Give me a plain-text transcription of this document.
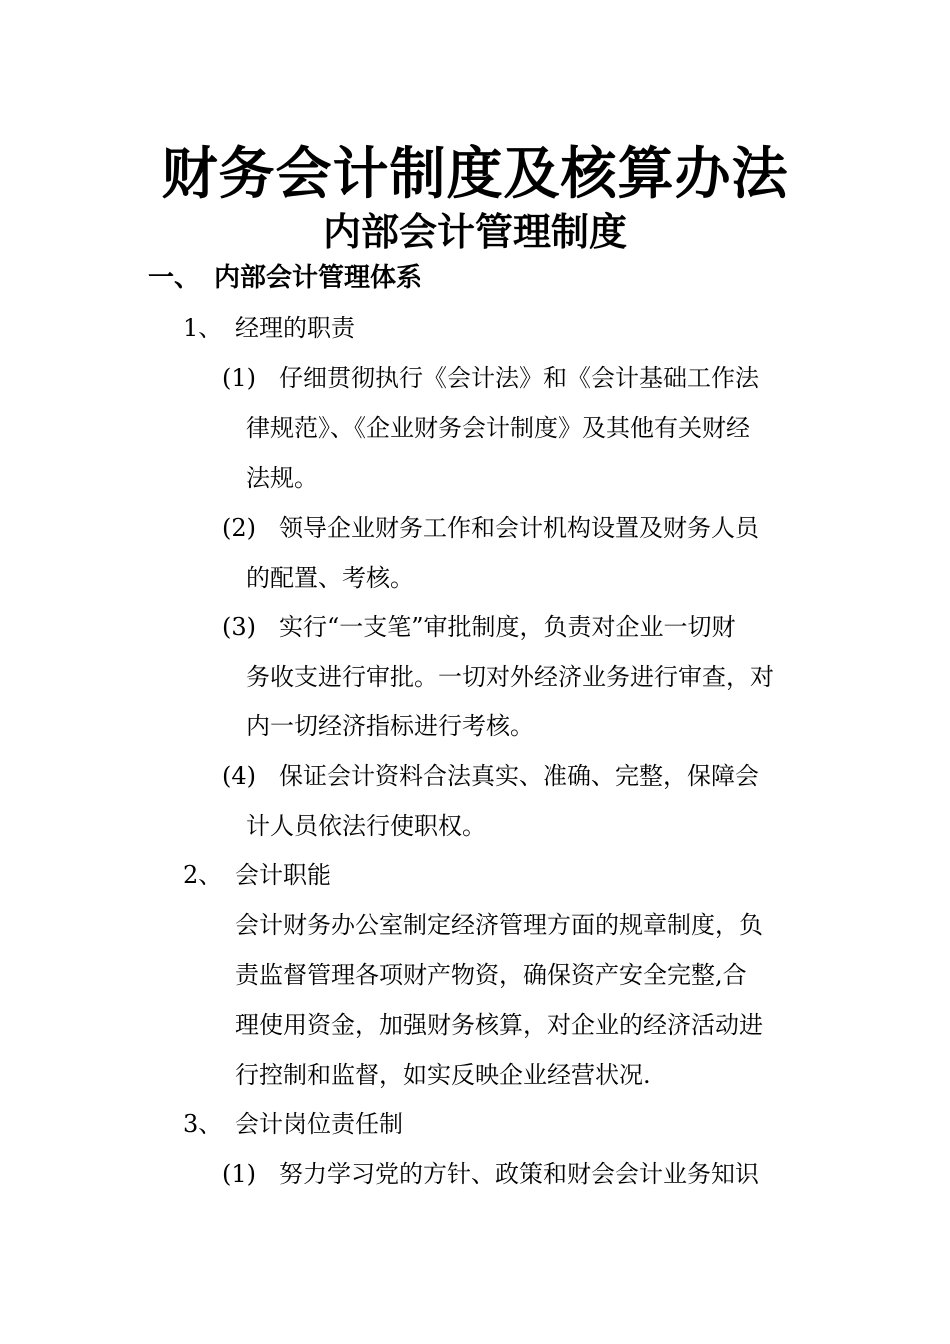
财务会计制度及核算办法
内部会计管理制度
一、 内部会计管理体系
1、 经理的职责
(1) 仔细贯彻执行《会计法》和《会计基础工作法
律规范》、《企业财务会计制度》及其他有关财经
法规。
(2) 领导企业财务工作和会计机构设置及财务人员
的配置、考核。
(3) 实行“一支笔”审批制度，负责对企业一切财
务收支进行审批。一切对外经济业务进行审查，对
内一切经济指标进行考核。
(4) 保证会计资料合法真实、准确、完整，保障会
计人员依法行使职权。
2、 会计职能
会计财务办公室制定经济管理方面的规章制度，负
责监督管理各项财产物资，确保资产安全完整,合
理使用资金，加强财务核算，对企业的经济活动进
行控制和监督，如实反映企业经营状况.
3、 会计岗位责任制
(1) 努力学习党的方针、政策和财会会计业务知识
